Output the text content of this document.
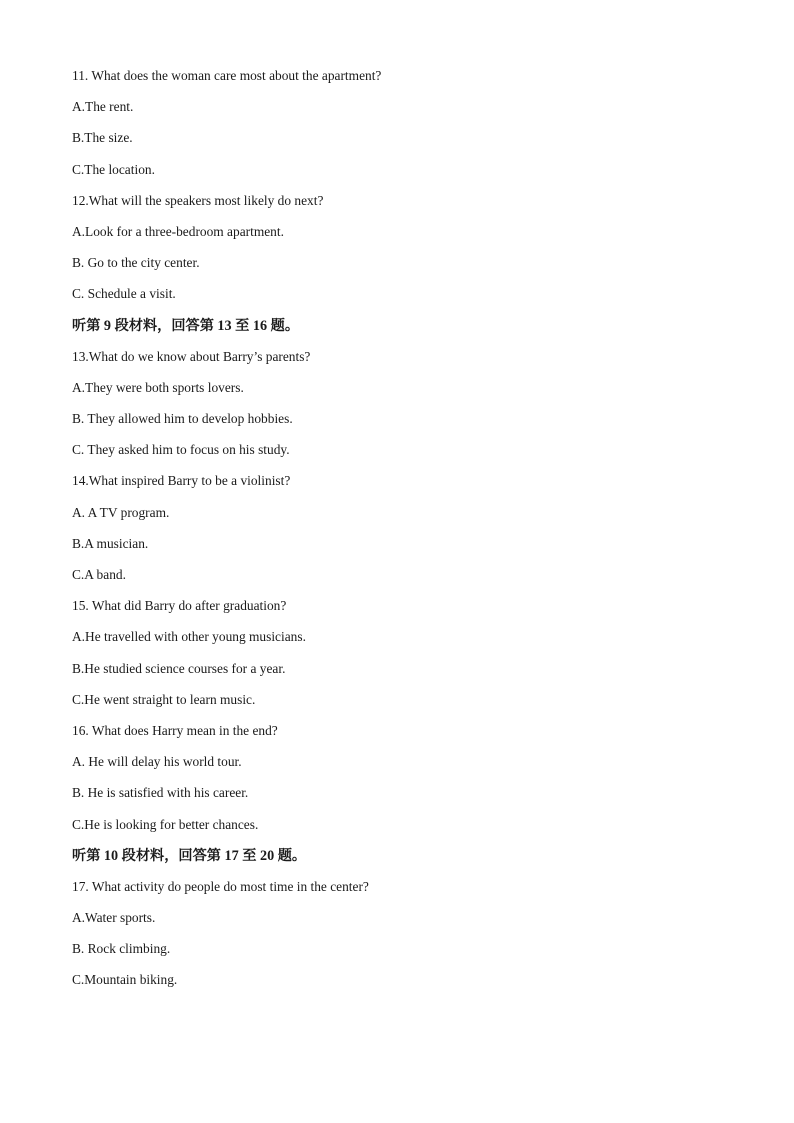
11. What does the woman care most about the apartment?
A.The rent.
B.The size.
C.The location.
12.What will the speakers most likely do next?
A.Look for a three-bedroom apartment.
B. Go to the city center.
C. Schedule a visit.
听第 9 段材料，回答第 13 至 16 题。
13.What do we know about Barry’s parents?
A.They were both sports lovers.
B. They allowed him to develop hobbies.
C. They asked him to focus on his study.
14.What inspired Barry to be a violinist?
A. A TV program.
B.A musician.
C.A band.
15. What did Barry do after graduation?
A.He travelled with other young musicians.
B.He studied science courses for a year.
C.He went straight to learn music.
16. What does Harry mean in the end?
A. He will delay his world tour.
B. He is satisfied with his career.
C.He is looking for better chances.
听第 10 段材料，回答第 17 至 20 题。
17. What activity do people do most time in the center?
A.Water sports.
B. Rock climbing.
C.Mountain biking.
